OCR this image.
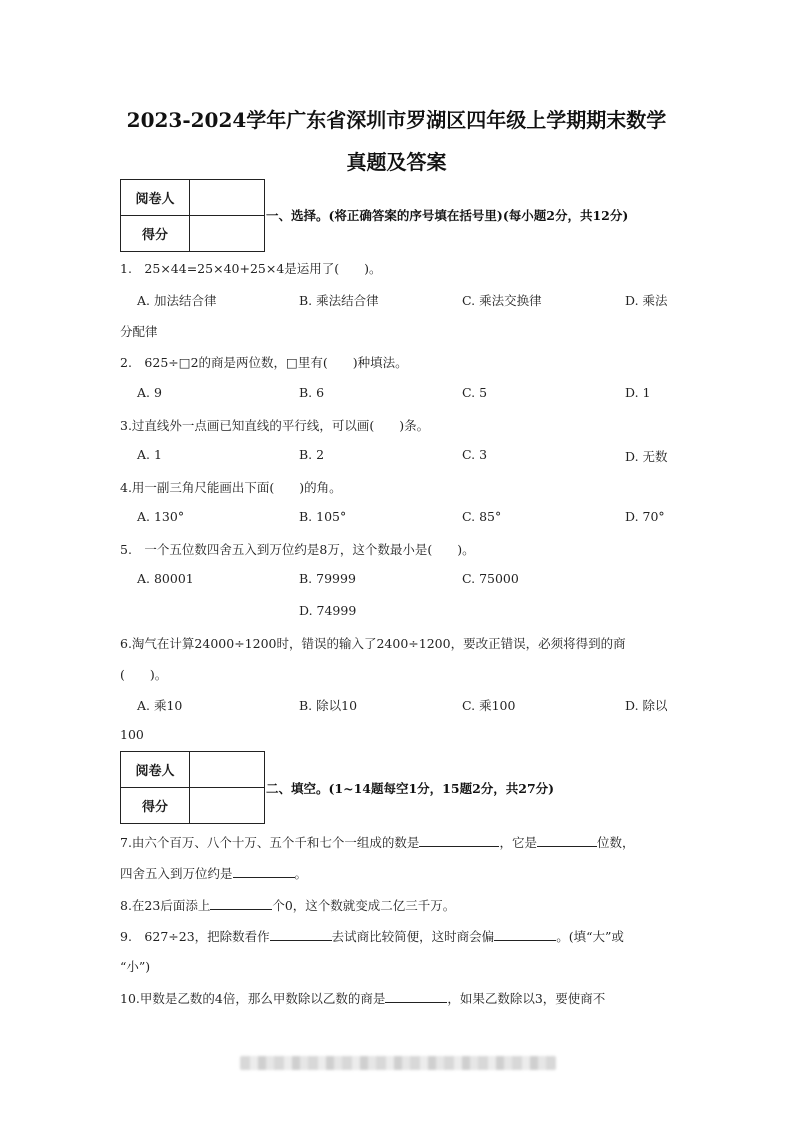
2023-2024学年广东省深圳市罗湖区四年级上学期期末数学
真题及答案
阅卷人	
得分	
一、选择。(将正确答案的序号填在括号里)(每小题2分，共12分)
1.　25×44=25×40+25×4是运用了(　　)。
A. 加法结合律	B. 乘法结合律	C. 乘法交换律	D. 乘法
分配律
2.　625÷□2的商是两位数，□里有(　　)种填法。
A. 9	B. 6	C. 5	D. 1
3.过直线外一点画已知直线的平行线，可以画(　　)条。
A. 1	B. 2	C. 3	D. 无数
4.用一副三角尺能画出下面(　　)的角。
A. 130°	B. 105°	C. 85°	D. 70°
5.　一个五位数四舍五入到万位约是8万，这个数最小是(　　)。
A. 80001	B. 79999	C. 75000
D. 74999
6.淘气在计算24000÷1200时，错误的输入了2400÷1200，要改正错误，必须将得到的商
(　　)。
A. 乘10	B. 除以10	C. 乘100	D. 除以
100
阅卷人	
得分	
二、填空。(1~14题每空1分，15题2分，共27分)
7.由六个百万、八个十万、五个千和七个一组成的数是	，它是	位数，
四舍五入到万位约是	。
8.在23后面添上	个0，这个数就变成二亿三千万。
9.　627÷23，把除数看作	去试商比较简便，这时商会偏	。(填“大”或
“小”)
10.甲数是乙数的4倍，那么甲数除以乙数的商是	，如果乙数除以3，要使商不
